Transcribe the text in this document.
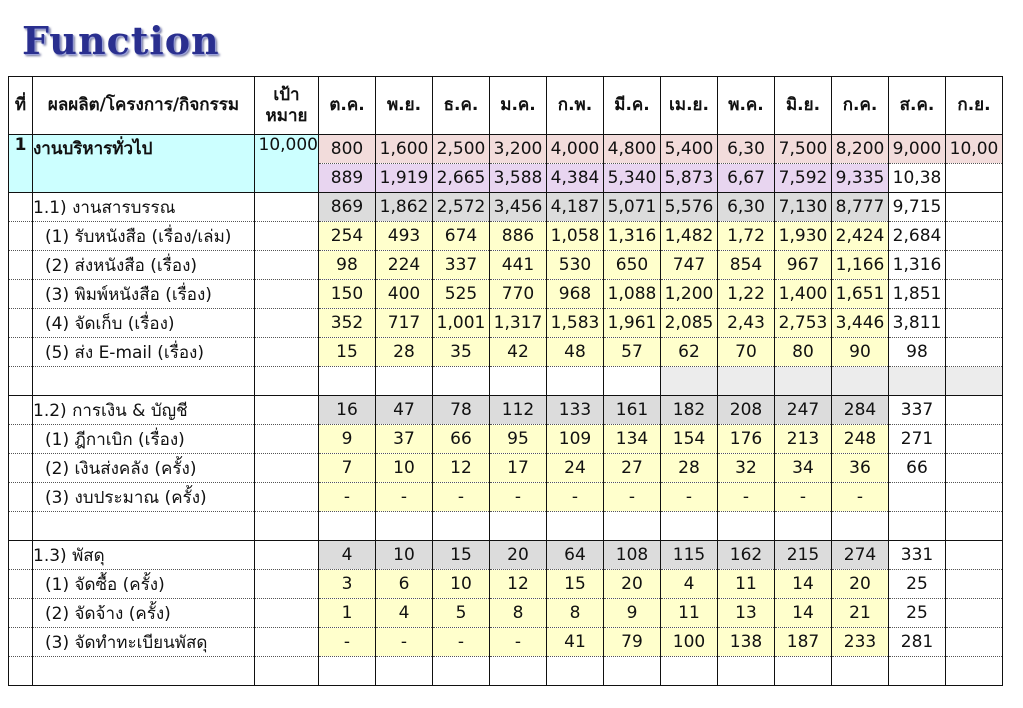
Function
ที่	ผลผลิต/โครงการ/กิจกรรม	เป้าหมาย	ต.ค.	พ.ย.	ธ.ค.	ม.ค.	ก.พ.	มี.ค.	เม.ย.	พ.ค.	มิ.ย.	ก.ค.	ส.ค.	ก.ย.
1	งานบริหารทั่วไป	10,000	800	1,600	2,500	3,200	4,000	4,800	5,400	6,30	7,500	8,200	9,000	10,00
			889	1,919	2,665	3,588	4,384	5,340	5,873	6,67	7,592	9,335	10,38	
	1.1) งานสารบรรณ		869	1,862	2,572	3,456	4,187	5,071	5,576	6,30	7,130	8,777	9,715	
	(1) รับหนังสือ (เรื่อง/เล่ม)		254	493	674	886	1,058	1,316	1,482	1,72	1,930	2,424	2,684	
	(2) ส่งหนังสือ (เรื่อง)		98	224	337	441	530	650	747	854	967	1,166	1,316	
	(3) พิมพ์หนังสือ (เรื่อง)		150	400	525	770	968	1,088	1,200	1,22	1,400	1,651	1,851	
	(4) จัดเก็บ (เรื่อง)		352	717	1,001	1,317	1,583	1,961	2,085	2,43	2,753	3,446	3,811	
	(5) ส่ง E-mail (เรื่อง)		15	28	35	42	48	57	62	70	80	90	98	

	1.2) การเงิน & บัญชี		16	47	78	112	133	161	182	208	247	284	337	
	(1) ฎีกาเบิก (เรื่อง)		9	37	66	95	109	134	154	176	213	248	271	
	(2) เงินส่งคลัง (ครั้ง)		7	10	12	17	24	27	28	32	34	36	66	
	(3) งบประมาณ (ครั้ง)		-	-	-	-	-	-	-	-	-	-		

	1.3) พัสดุ		4	10	15	20	64	108	115	162	215	274	331	
	(1) จัดซื้อ (ครั้ง)		3	6	10	12	15	20	4	11	14	20	25	
	(2) จัดจ้าง (ครั้ง)		1	4	5	8	8	9	11	13	14	21	25	
	(3) จัดทำทะเบียนพัสดุ		-	-	-	-	41	79	100	138	187	233	281	
